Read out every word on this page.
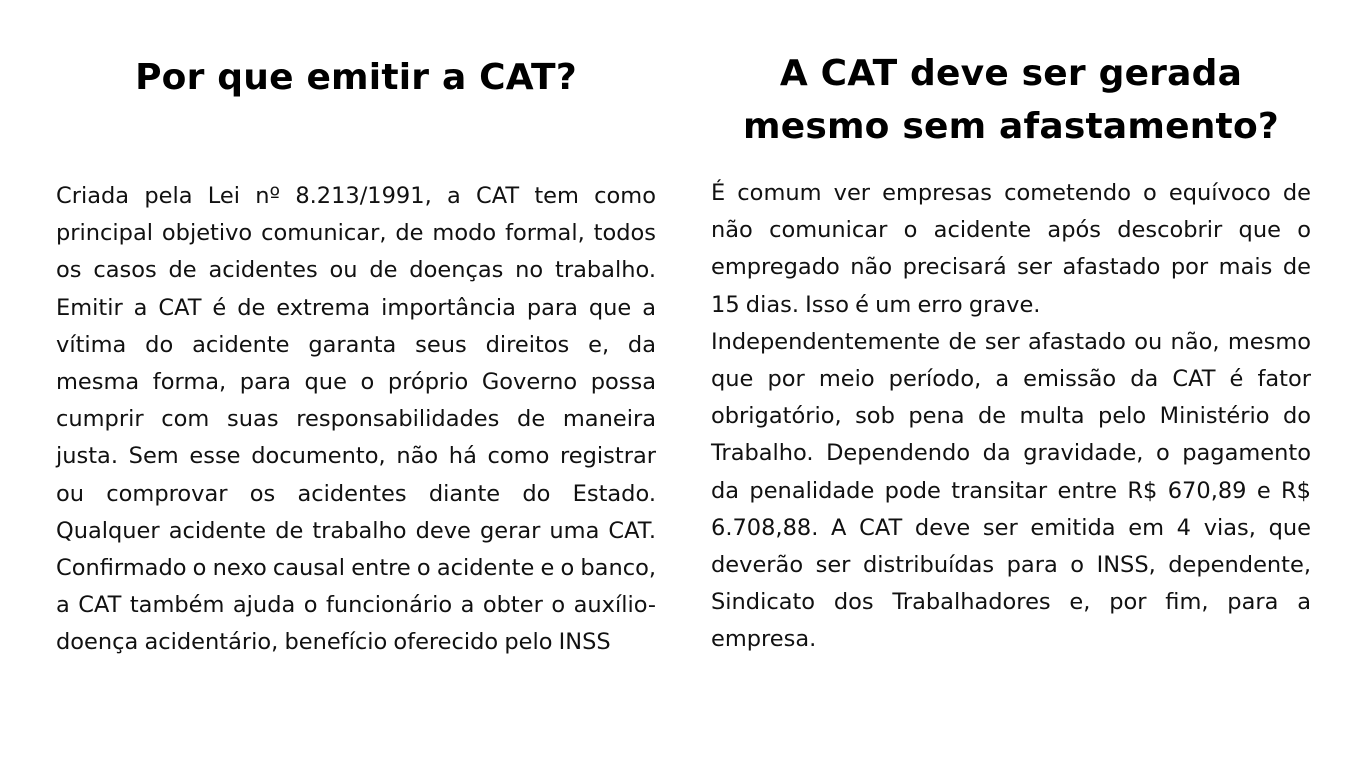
Por que emitir a CAT?

Criada pela Lei nº 8.213/1991, a CAT tem como principal objetivo comunicar, de modo formal, todos os casos de acidentes ou de doenças no trabalho. Emitir a CAT é de extrema importância para que a vítima do acidente garanta seus direitos e, da mesma forma, para que o próprio Governo possa cumprir com suas responsabilidades de maneira justa. Sem esse documento, não há como registrar ou comprovar os acidentes diante do Estado. Qualquer acidente de trabalho deve gerar uma CAT. Confirmado o nexo causal entre o acidente e o banco, a CAT também ajuda o funcionário a obter o auxílio-doença acidentário, benefício oferecido pelo INSS

A CAT deve ser gerada mesmo sem afastamento?

É comum ver empresas cometendo o equívoco de não comunicar o acidente após descobrir que o empregado não precisará ser afastado por mais de 15 dias. Isso é um erro grave.

Independentemente de ser afastado ou não, mesmo que por meio período, a emissão da CAT é fator obrigatório, sob pena de multa pelo Ministério do Trabalho. Dependendo da gravidade, o pagamento da penalidade pode transitar entre R$ 670,89 e R$ 6.708,88. A CAT deve ser emitida em 4 vias, que deverão ser distribuídas para o INSS, dependente, Sindicato dos Trabalhadores e, por fim, para a empresa.
